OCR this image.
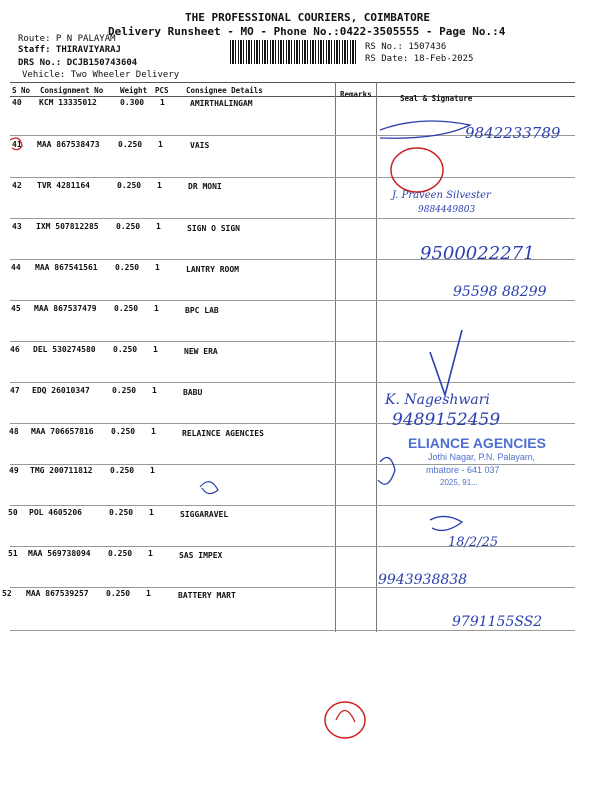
THE PROFESSIONAL COURIERS, COIMBATORE
Delivery Runsheet - MO - Phone No.:0422-3505555 - Page No.:4
Route: P N PALAYAM
Staff: THIRAVIYARAJ
DRS No.: DCJB150743604
Vehicle: Two Wheeler Delivery
RS No.: 1507436
RS Date: 18-Feb-2025
S No Consignment No Weight PCS Consignee Details	Remarks	Seal & Signature
40 KCM 13335012	0.300 1	AMIRTHALINGAM
41 MAA 867538473 0.250 1	VAIS
42 TVR 4281164	0.250 1	DR MONI
43 IXM 507812285 0.250 1	SIGN O SIGN
44 MAA 867541561 0.250 1	LANTRY ROOM
45 MAA 867537479 0.250 1	BPC LAB
46 DEL 530274580 0.250 1	NEW ERA
47 EDQ 26010347	0.250 1	BABU
48 MAA 706657816 0.250 1	RELAINCE AGENCIES
49 TMG 200711812 0.250 1
50 POL 4605206	0.250 1	SIGGARAVEL
51 MAA 569738094 0.250 1	SAS IMPEX
52 MAA 867539257 0.250 1	BATTERY MART
9842233789
J. Praveen Silvester
9884449803
9500022271
95598 88299
K. Nageshwari
9489152459
18/2/25
9943938838
9791155SS2
ELIANCE AGENCIES
Jothi Nagar, P.N. Palayam,
mbatore - 641 037
2025, 91...
